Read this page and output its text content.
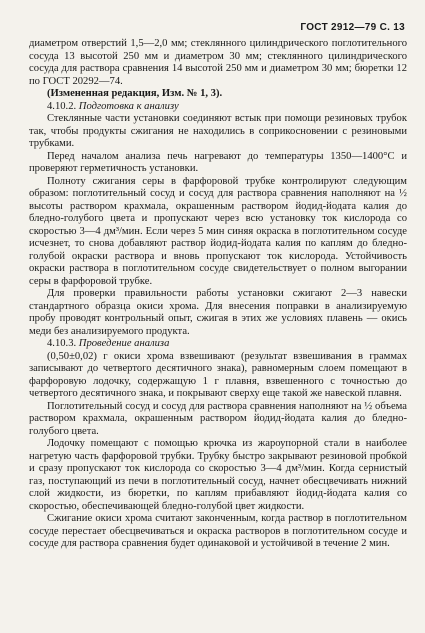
ГОСТ 2912—79 С. 13

диаметром отверстий 1,5—2,0 мм; стеклянного цилиндрического поглотительного сосуда 13 высотой 250 мм и диаметром 30 мм; стеклянного цилиндрического сосуда для раствора сравнения 14 высотой 250 мм и диаметром 30 мм; бюретки 12 по ГОСТ 20292—74.

(Измененная редакция, Изм. № 1, 3).

4.10.2. Подготовка к анализу

Стеклянные части установки соединяют встык при помощи резиновых трубок так, чтобы продукты сжигания не находились в соприкосновении с резиновыми трубками.

Перед началом анализа печь нагревают до температуры 1350—1400°С и проверяют герметичность установки.

Полноту сжигания серы в фарфоровой трубке контролируют следующим образом: поглотительный сосуд и сосуд для раствора сравнения наполняют на ½ высоты раствором крахмала, окрашенным раствором йодид-йодата калия до бледно-голубого цвета и пропускают через всю установку ток кислорода со скоростью 3—4 дм³/мин. Если через 5 мин синяя окраска в поглотительном сосуде исчезнет, то снова добавляют раствор йодид-йодата калия по каплям до бледно-голубой окраски раствора и вновь пропускают ток кислорода. Устойчивость окраски раствора в поглотительном сосуде свидетельствует о полном выгорании серы в фарфоровой трубке.

Для проверки правильности работы установки сжигают 2—3 навески стандартного образца окиси хрома. Для внесения поправки в анализируемую пробу проводят контрольный опыт, сжигая в этих же условиях плавень — окись меди без анализируемого продукта.

4.10.3. Проведение анализа

(0,50±0,02) г окиси хрома взвешивают (результат взвешивания в граммах записывают до четвертого десятичного знака), равномерным слоем помещают в фарфоровую лодочку, содержащую 1 г плавня, взвешенного с точностью до четвертого десятичного знака, и покрывают сверху еще такой же навеской плавня.

Поглотительный сосуд и сосуд для раствора сравнения наполняют на ½ объема раствором крахмала, окрашенным раствором йодид-йодата калия до бледно-голубого цвета.

Лодочку помещают с помощью крючка из жароупорной стали в наиболее нагретую часть фарфоровой трубки. Трубку быстро закрывают резиновой пробкой и сразу пропускают ток кислорода со скоростью 3—4 дм³/мин. Когда сернистый газ, поступающий из печи в поглотительный сосуд, начнет обесцвечивать нижний слой жидкости, из бюретки, по каплям прибавляют йодид-йодата калия со скоростью, обеспечивающей бледно-голубой цвет жидкости.

Сжигание окиси хрома считают законченным, когда раствор в поглотительном сосуде перестает обесцвечиваться и окраска растворов в поглотительном сосуде и сосуде для раствора сравнения будет одинаковой и устойчивой в течение 2 мин.
